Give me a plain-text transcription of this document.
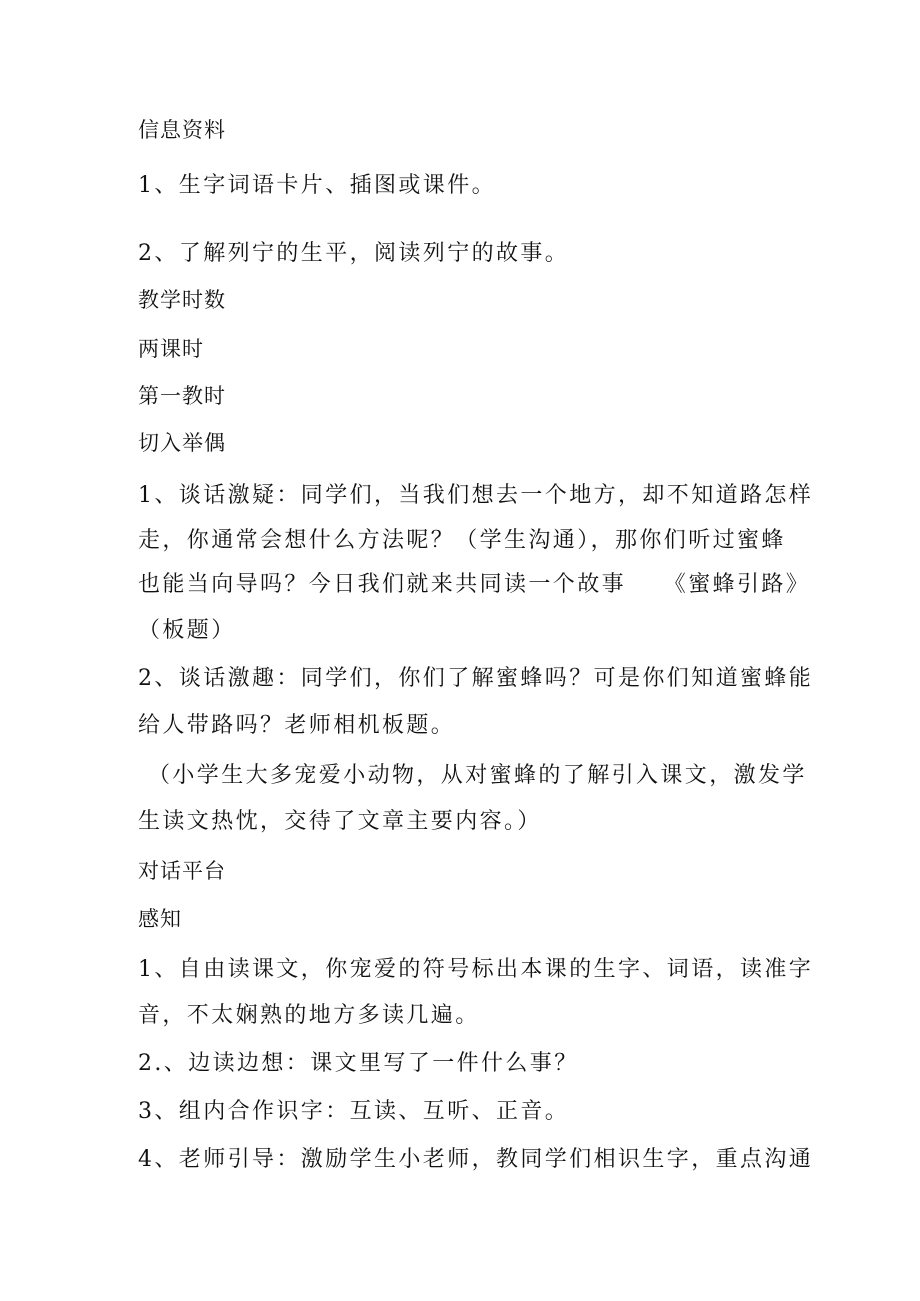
信息资料
1、生字词语卡片、插图或课件。
2、了解列宁的生平，阅读列宁的故事。
教学时数
两课时
第一教时
切入举偶
1、谈话激疑：同学们，当我们想去一个地方，却不知道路怎样
走，你通常会想什么方法呢？（学生沟通），那你们听过蜜蜂
也能当向导吗？今日我们就来共同读一个故事　　《蜜蜂引路》
（板题）
2、谈话激趣：同学们，你们了解蜜蜂吗？可是你们知道蜜蜂能
给人带路吗？老师相机板题。
（小学生大多宠爱小动物，从对蜜蜂的了解引入课文，激发学
生读文热忱，交待了文章主要内容。）
对话平台
感知
1、自由读课文，你宠爱的符号标出本课的生字、词语，读准字
音，不太娴熟的地方多读几遍。
2.、边读边想：课文里写了一件什么事？
3、组内合作识字：互读、互听、正音。
4、老师引导：激励学生小老师，教同学们相识生字，重点沟通
